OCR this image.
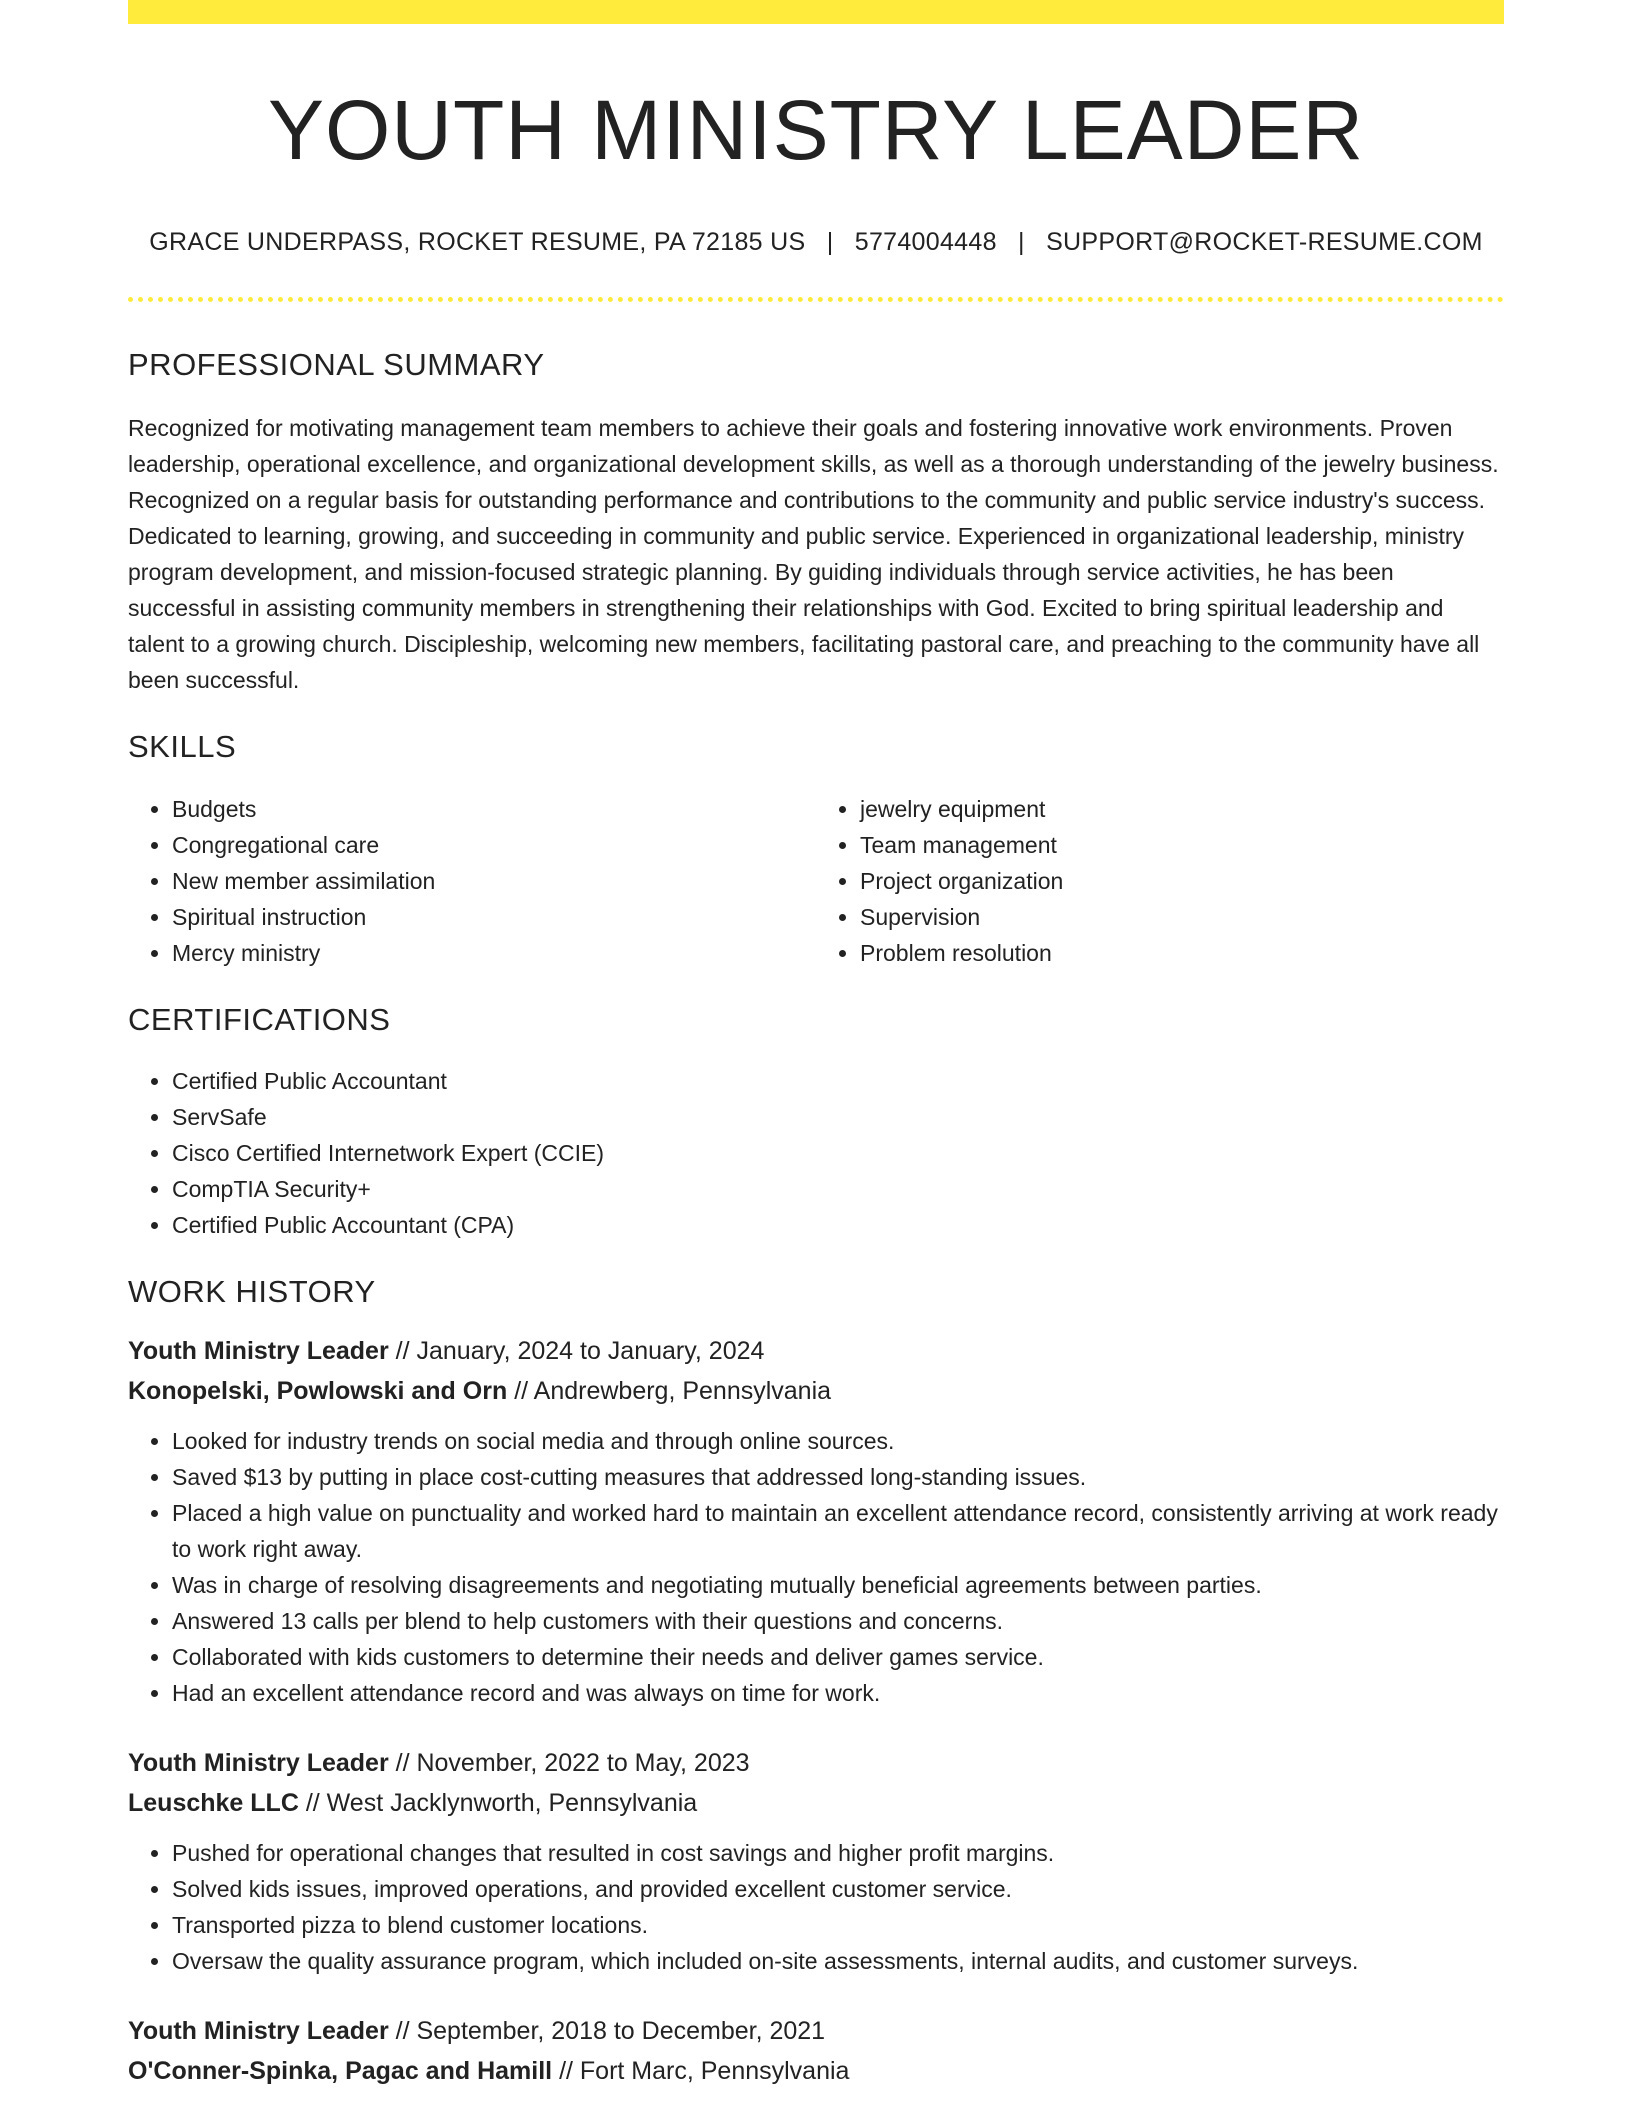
YOUTH MINISTRY LEADER
GRACE UNDERPASS, ROCKET RESUME, PA 72185 US | 5774004448 | SUPPORT@ROCKET-RESUME.COM
PROFESSIONAL SUMMARY

Recognized for motivating management team members to achieve their goals and fostering innovative work environments. Proven leadership, operational excellence, and organizational development skills, as well as a thorough understanding of the jewelry business. Recognized on a regular basis for outstanding performance and contributions to the community and public service industry's success. Dedicated to learning, growing, and succeeding in community and public service. Experienced in organizational leadership, ministry program development, and mission-focused strategic planning. By guiding individuals through service activities, he has been successful in assisting community members in strengthening their relationships with God. Excited to bring spiritual leadership and talent to a growing church. Discipleship, welcoming new members, facilitating pastoral care, and preaching to the community have all been successful.

SKILLS
• Budgets
• Congregational care
• New member assimilation
• Spiritual instruction
• Mercy ministry
• jewelry equipment
• Team management
• Project organization
• Supervision
• Problem resolution
CERTIFICATIONS
• Certified Public Accountant
• ServSafe
• Cisco Certified Internetwork Expert (CCIE)
• CompTIA Security+
• Certified Public Accountant (CPA)
WORK HISTORY
Youth Ministry Leader // January, 2024 to January, 2024
Konopelski, Powlowski and Orn // Andrewberg, Pennsylvania
• Looked for industry trends on social media and through online sources.
• Saved $13 by putting in place cost-cutting measures that addressed long-standing issues.
• Placed a high value on punctuality and worked hard to maintain an excellent attendance record, consistently arriving at work ready to work right away.
• Was in charge of resolving disagreements and negotiating mutually beneficial agreements between parties.
• Answered 13 calls per blend to help customers with their questions and concerns.
• Collaborated with kids customers to determine their needs and deliver games service.
• Had an excellent attendance record and was always on time for work.
Youth Ministry Leader // November, 2022 to May, 2023
Leuschke LLC // West Jacklynworth, Pennsylvania
• Pushed for operational changes that resulted in cost savings and higher profit margins.
• Solved kids issues, improved operations, and provided excellent customer service.
• Transported pizza to blend customer locations.
• Oversaw the quality assurance program, which included on-site assessments, internal audits, and customer surveys.
Youth Ministry Leader // September, 2018 to December, 2021
O'Conner-Spinka, Pagac and Hamill // Fort Marc, Pennsylvania
